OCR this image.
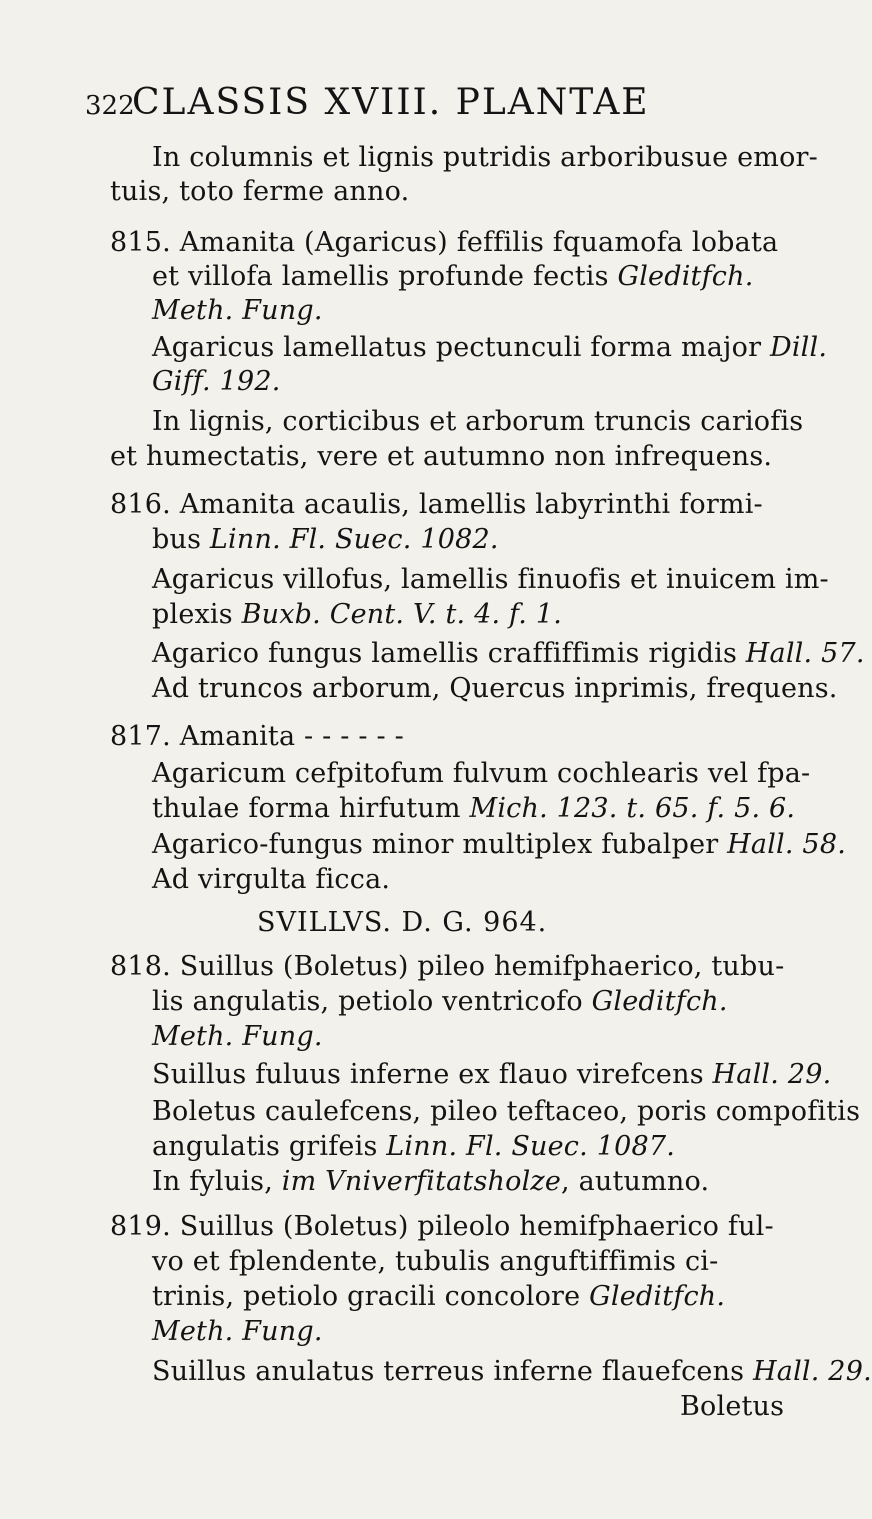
322
CLASSIS XVIII. PLANTAE
In columnis et lignis putridis arboribusue emor-
tuis, toto ferme anno.
815. Amanita (Agaricus) feffilis fquamofa lobata
et villofa lamellis profunde fectis Gleditfch.
Meth. Fung.
Agaricus lamellatus pectunculi forma major Dill.
Giff. 192.
In lignis, corticibus et arborum truncis cariofis
et humectatis, vere et autumno non infrequens.
816. Amanita acaulis, lamellis labyrinthi formi-
bus Linn. Fl. Suec. 1082.
Agaricus villofus, lamellis finuofis et inuicem im-
plexis Buxb. Cent. V. t. 4. f. 1.
Agarico fungus lamellis craffiffimis rigidis Hall. 57.
Ad truncos arborum, Quercus inprimis, frequens.
817. Amanita - - - - - -
Agaricum cefpitofum fulvum cochlearis vel fpa-
thulae forma hirfutum Mich. 123. t. 65. f. 5. 6.
Agarico-fungus minor multiplex fubalper Hall. 58.
Ad virgulta ficca.
SVILLVS. D. G. 964.
818. Suillus (Boletus) pileo hemifphaerico, tubu-
lis angulatis, petiolo ventricofo Gleditfch.
Meth. Fung.
Suillus fuluus inferne ex flauo virefcens Hall. 29.
Boletus caulefcens, pileo teftaceo, poris compofitis
angulatis grifeis Linn. Fl. Suec. 1087.
In fyluis, im Vniverfitatsholze, autumno.
819. Suillus (Boletus) pileolo hemifphaerico ful-
vo et fplendente, tubulis anguftiffimis ci-
trinis, petiolo gracili concolore Gleditfch.
Meth. Fung.
Suillus anulatus terreus inferne flauefcens Hall. 29.
Boletus
